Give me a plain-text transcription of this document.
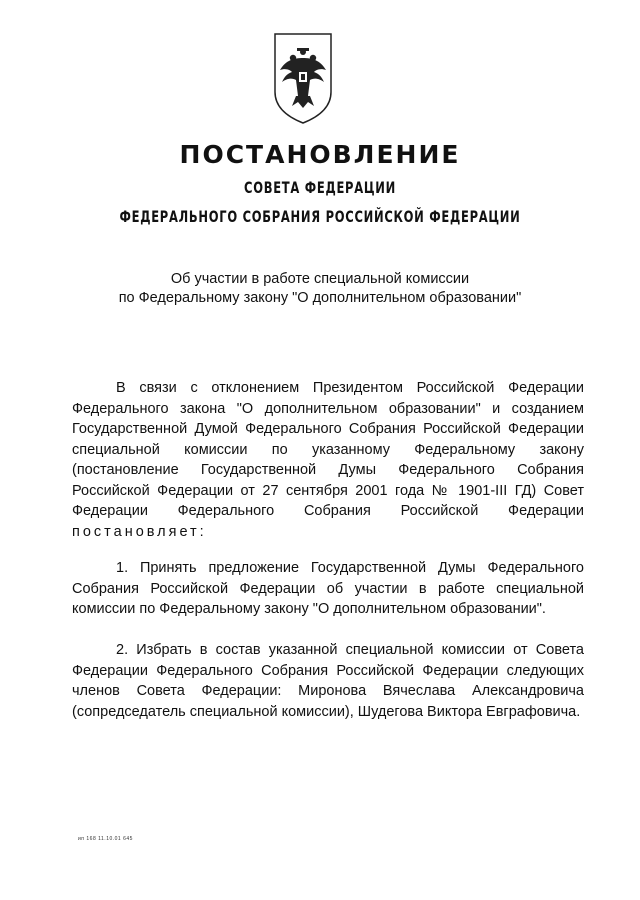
ПОСТАНОВЛЕНИЕ
СОВЕТА ФЕДЕРАЦИИ
ФЕДЕРАЛЬНОГО СОБРАНИЯ РОССИЙСКОЙ ФЕДЕРАЦИИ
Об участии в работе специальной комиссии
по Федеральному закону "О дополнительном образовании"

В связи с отклонением Президентом Российской Федерации Федерального закона "О дополнительном образовании" и созданием Государственной Думой Федерального Собрания Российской Федерации специальной комиссии по указанному Федеральному закону (постановление Государственной Думы Федерального Собрания Российской Федерации от 27 сентября 2001 года № 1901-III ГД) Совет Федерации Федерального Собрания Российской Федерации постановляет:

1. Принять предложение Государственной Думы Федерального Собрания Российской Федерации об участии в работе специальной комиссии по Федеральному закону "О дополнительном образовании".

2. Избрать в состав указанной специальной комиссии от Совета Федерации Федерального Собрания Российской Федерации следующих членов Совета Федерации: Миронова Вячеслава Александровича (сопредседатель специальной комиссии), Шудегова Виктора Евграфовича.

ип 168 11.10.01 645
